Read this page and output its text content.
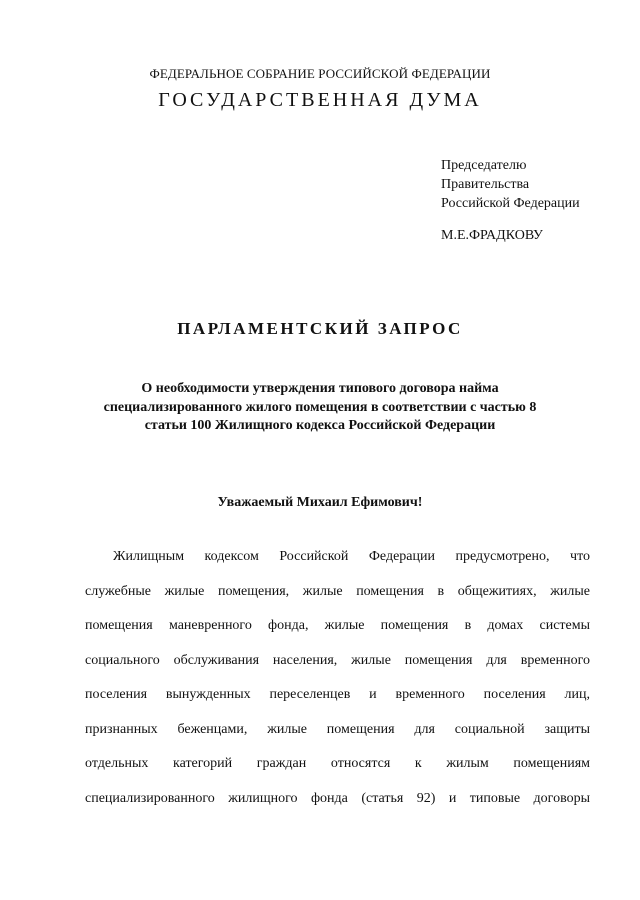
ФЕДЕРАЛЬНОЕ СОБРАНИЕ РОССИЙСКОЙ ФЕДЕРАЦИИ
ГОСУДАРСТВЕННАЯ ДУМА
Председателю
Правительства
Российской Федерации
М.Е.ФРАДКОВУ
ПАРЛАМЕНТСКИЙ ЗАПРОС
О необходимости утверждения типового договора найма
специализированного жилого помещения в соответствии с частью 8
статьи 100 Жилищного кодекса Российской Федерации
Уважаемый Михаил Ефимович!
Жилищным кодексом Российской Федерации предусмотрено, что
служебные жилые помещения, жилые помещения в общежитиях, жилые
помещения маневренного фонда, жилые помещения в домах системы
социального обслуживания населения, жилые помещения для временного
поселения вынужденных переселенцев и временного поселения лиц,
признанных беженцами, жилые помещения для социальной защиты
отдельных категорий граждан относятся к жилым помещениям
специализированного жилищного фонда (статья 92) и типовые договоры
